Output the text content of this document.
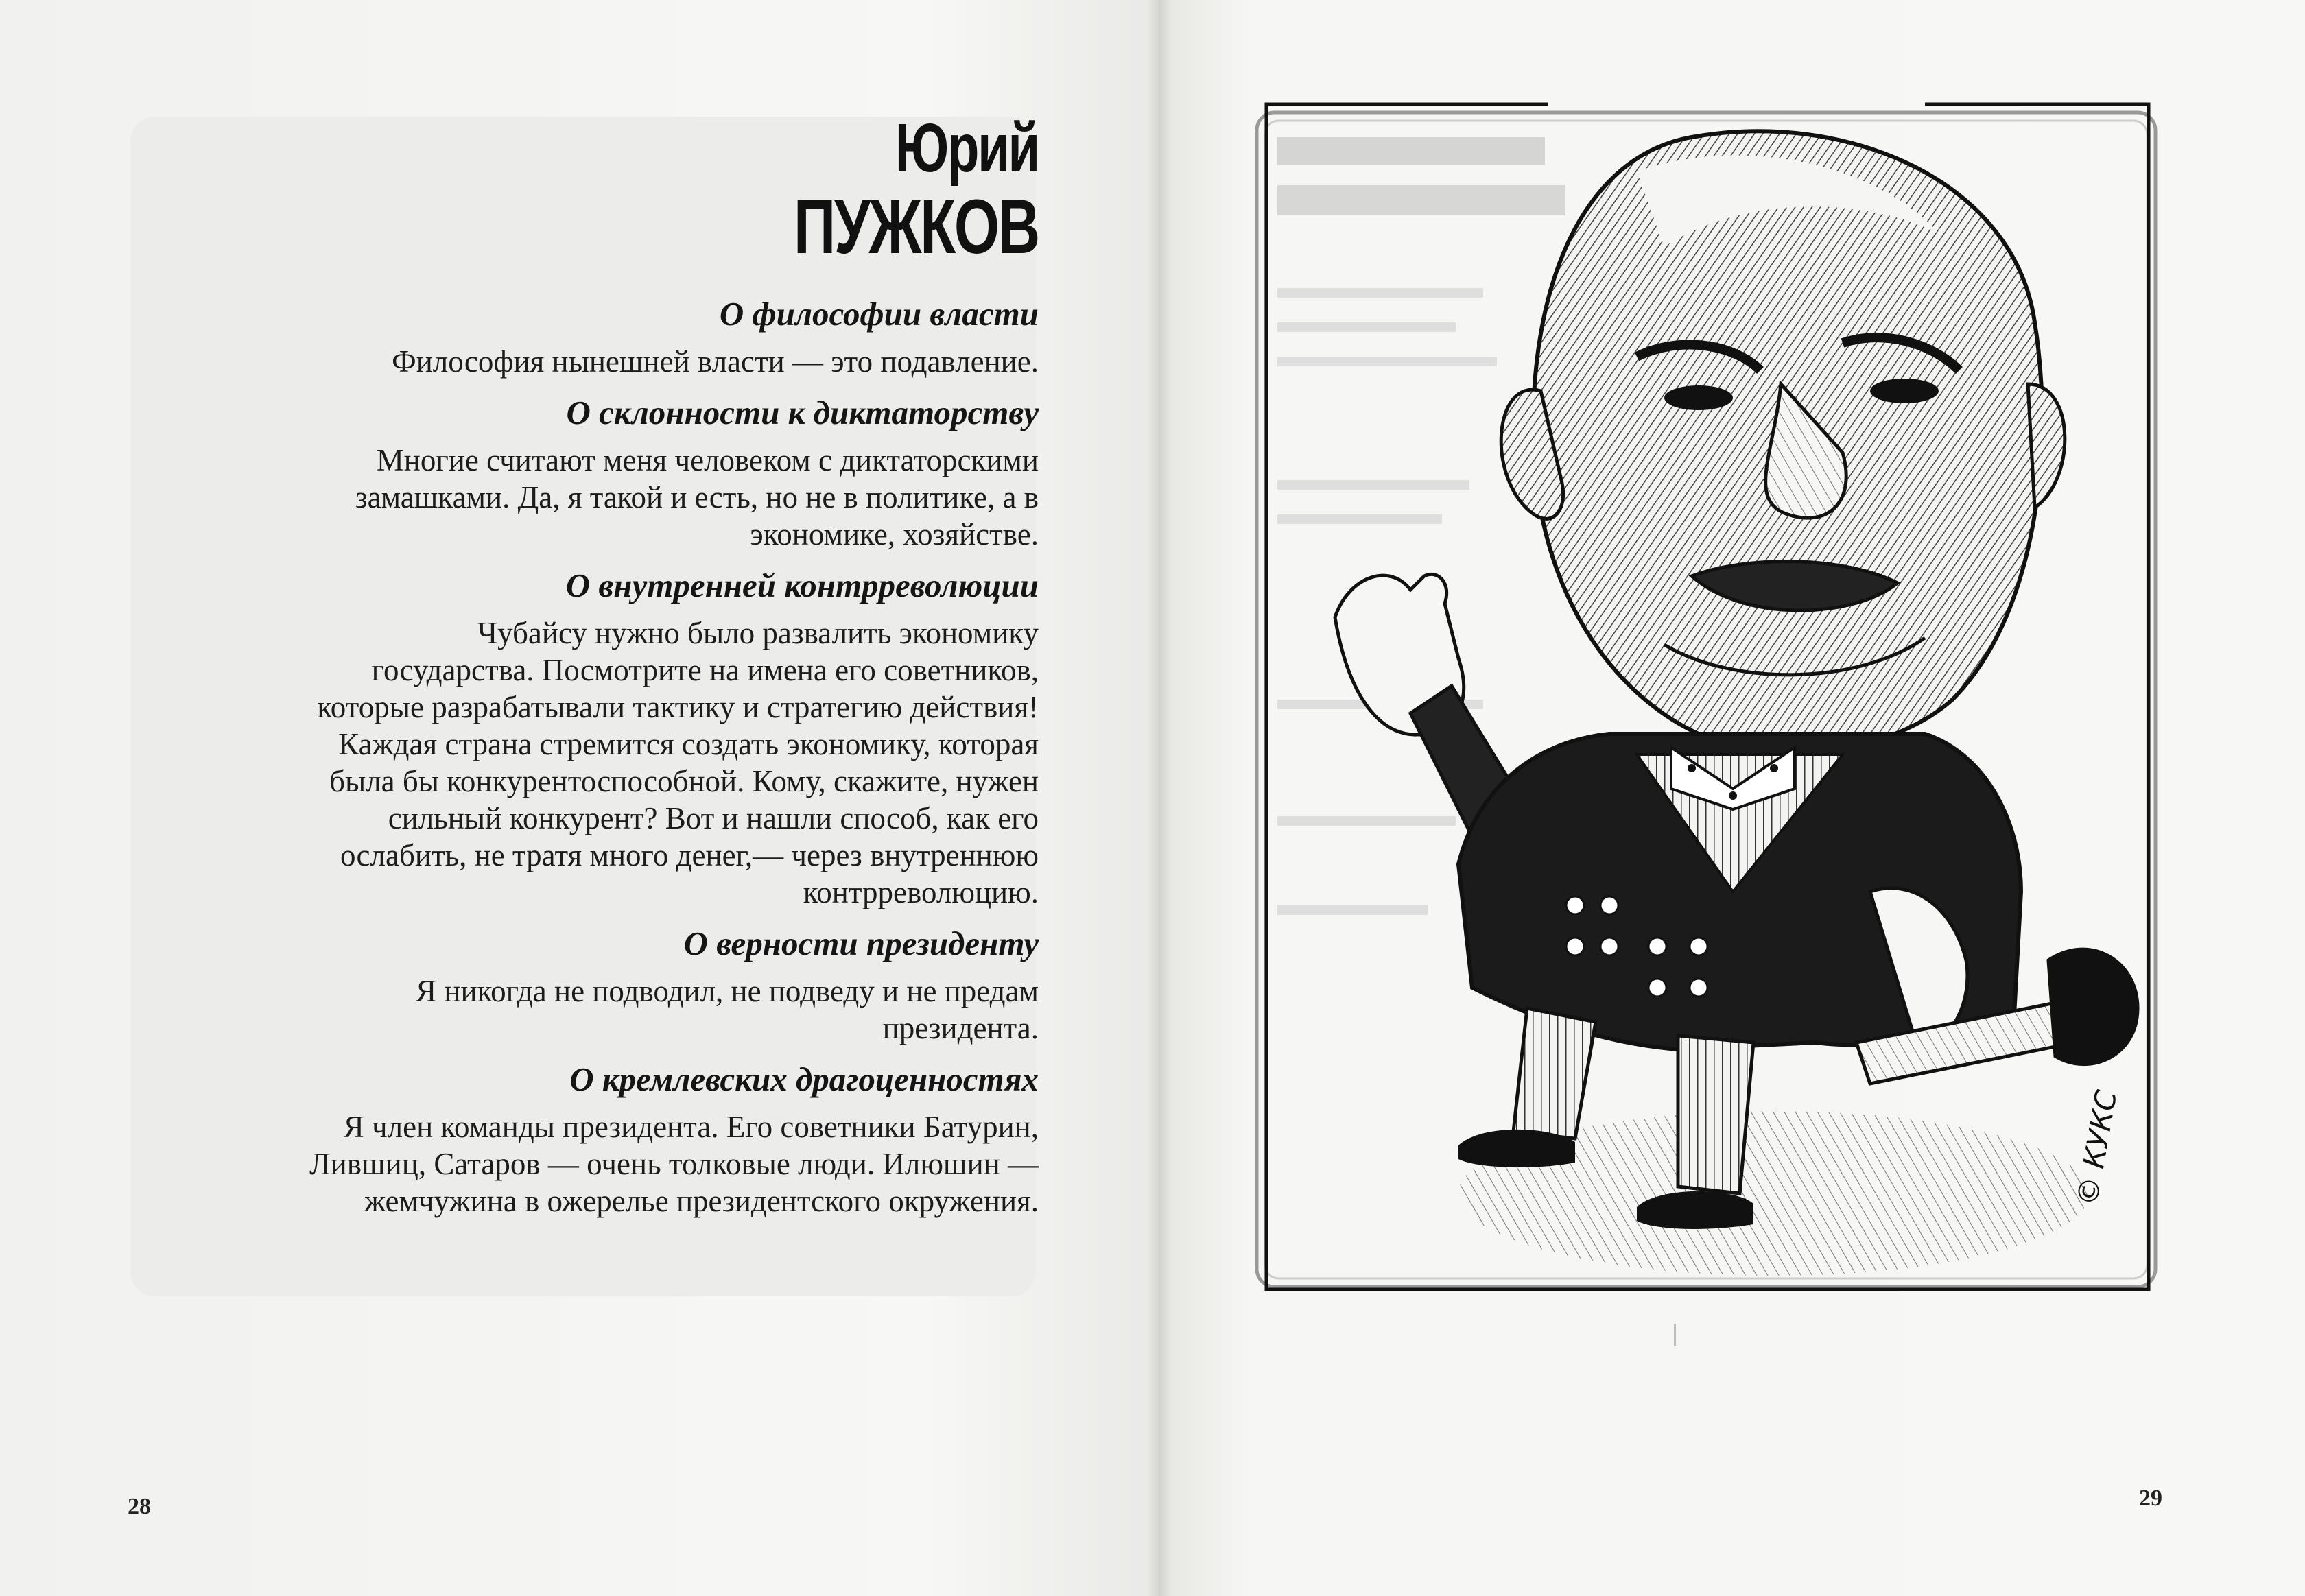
Юрий
ПУЖКОВ
О философии власти
Философия нынешней власти — это подавление.
О склонности к диктаторству
Многие считают меня человеком с диктаторскими
замашками. Да, я такой и есть, но не в политике, а в
экономике, хозяйстве.
О внутренней контрреволюции
Чубайсу нужно было развалить экономику
государства. Посмотрите на имена его советников,
которые разрабатывали тактику и стратегию действия!
Каждая страна стремится создать экономику, которая
была бы конкурентоспособной. Кому, скажите, нужен
сильный конкурент? Вот и нашли способ, как его
ослабить, не тратя много денег,— через внутреннюю
контрреволюцию.
О верности президенту
Я никогда не подводил, не подведу и не предам
президента.
О кремлевских драгоценностях
Я член команды президента. Его советники Батурин,
Лившиц, Сатаров — очень толковые люди. Илюшин —
жемчужина в ожерелье президентского окружения.
28
© КУКС
29
